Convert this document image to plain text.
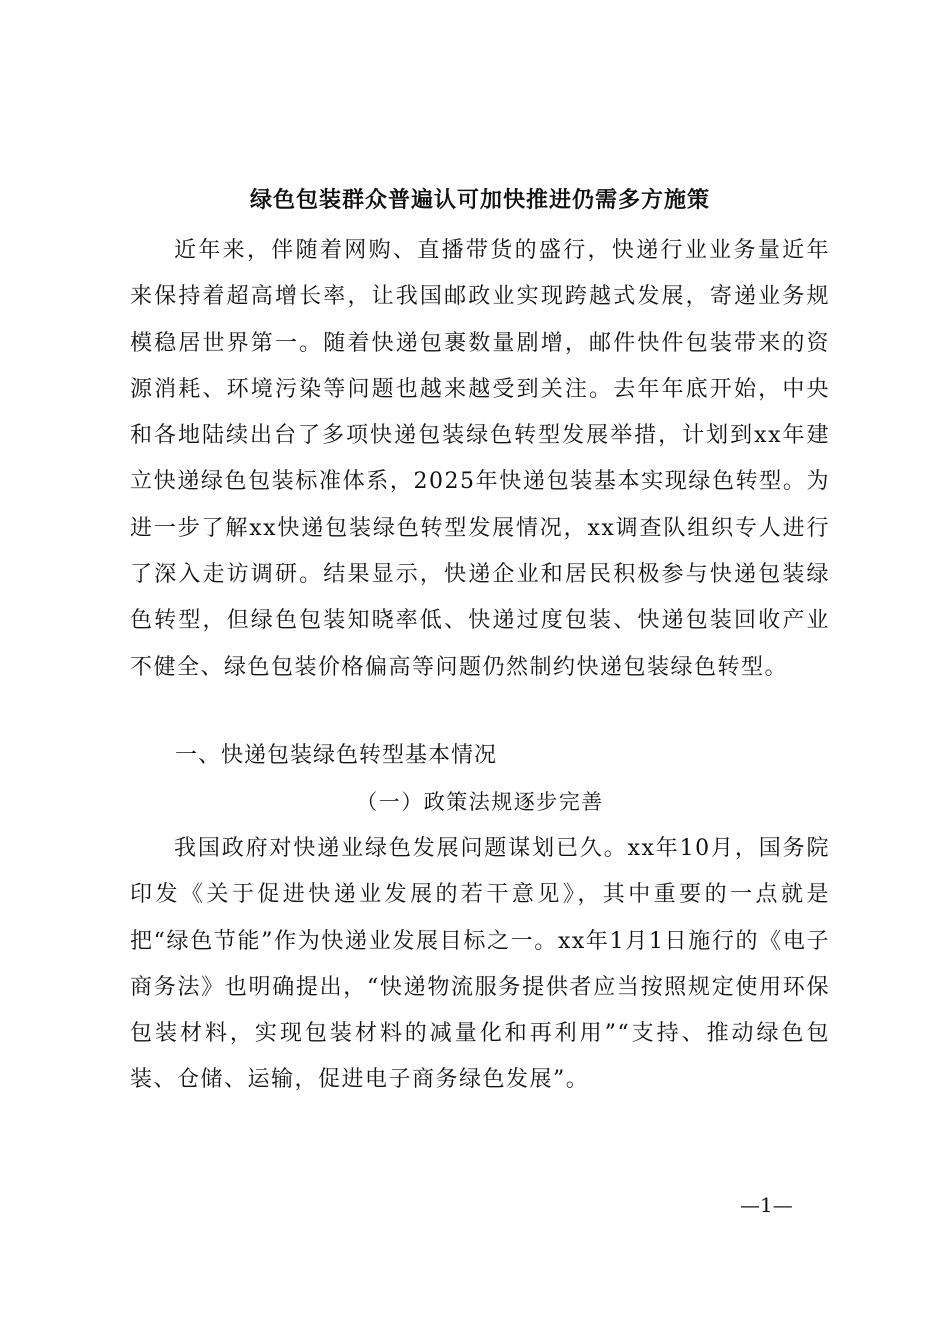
绿色包装群众普遍认可加快推进仍需多方施策
近年来，伴随着网购、直播带货的盛行，快递行业业务量近年来保持着超高增长率，让我国邮政业实现跨越式发展，寄递业务规模稳居世界第一。随着快递包裹数量剧增，邮件快件包装带来的资源消耗、环境污染等问题也越来越受到关注。去年年底开始，中央和各地陆续出台了多项快递包装绿色转型发展举措，计划到xx年建立快递绿色包装标准体系，2025年快递包装基本实现绿色转型。为进一步了解xx快递包装绿色转型发展情况，xx调查队组织专人进行了深入走访调研。结果显示，快递企业和居民积极参与快递包装绿色转型，但绿色包装知晓率低、快递过度包装、快递包装回收产业不健全、绿色包装价格偏高等问题仍然制约快递包装绿色转型。
一、快递包装绿色转型基本情况
（一）政策法规逐步完善
我国政府对快递业绿色发展问题谋划已久。xx年10月，国务院印发《关于促进快递业发展的若干意见》，其中重要的一点就是把“绿色节能”作为快递业发展目标之一。xx年1月1日施行的《电子商务法》也明确提出，“快递物流服务提供者应当按照规定使用环保包装材料，实现包装材料的减量化和再利用”“支持、推动绿色包装、仓储、运输，促进电子商务绿色发展”。
—1—
